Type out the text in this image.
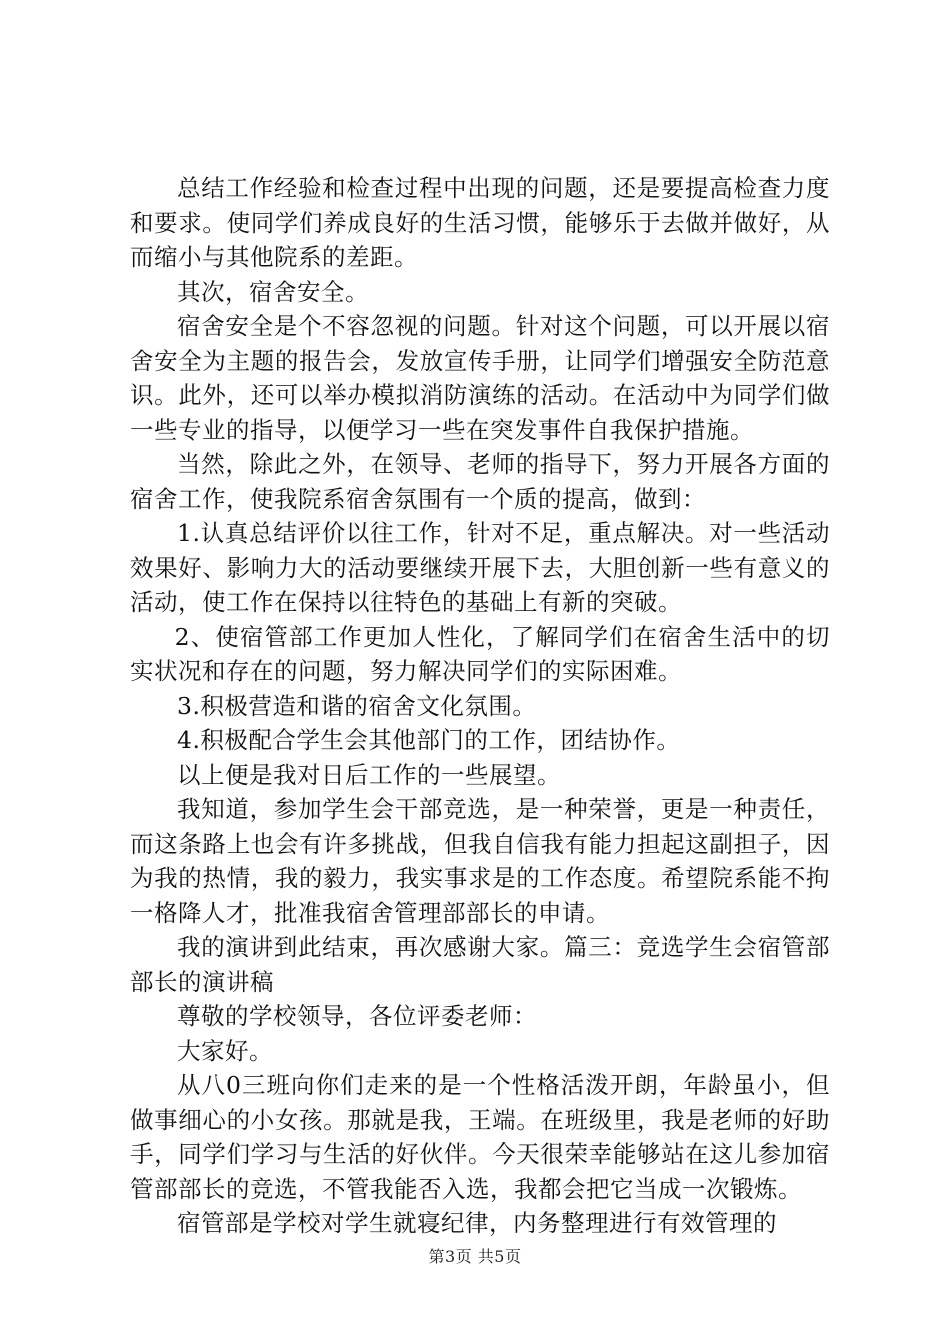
总结工作经验和检查过程中出现的问题，还是要提高检查力度和要求。使同学们养成良好的生活习惯，能够乐于去做并做好，从而缩小与其他院系的差距。

其次，宿舍安全。

宿舍安全是个不容忽视的问题。针对这个问题，可以开展以宿舍安全为主题的报告会，发放宣传手册，让同学们增强安全防范意识。此外，还可以举办模拟消防演练的活动。在活动中为同学们做一些专业的指导，以便学习一些在突发事件自我保护措施。

当然，除此之外，在领导、老师的指导下，努力开展各方面的宿舍工作，使我院系宿舍氛围有一个质的提高，做到：

1.认真总结评价以往工作，针对不足，重点解决。对一些活动效果好、影响力大的活动要继续开展下去，大胆创新一些有意义的活动，使工作在保持以往特色的基础上有新的突破。

2、使宿管部工作更加人性化，了解同学们在宿舍生活中的切实状况和存在的问题，努力解决同学们的实际困难。

3.积极营造和谐的宿舍文化氛围。

4.积极配合学生会其他部门的工作，团结协作。

以上便是我对日后工作的一些展望。

我知道，参加学生会干部竞选，是一种荣誉，更是一种责任，而这条路上也会有许多挑战，但我自信我有能力担起这副担子，因为我的热情，我的毅力，我实事求是的工作态度。希望院系能不拘一格降人才，批准我宿舍管理部部长的申请。

我的演讲到此结束，再次感谢大家。篇三：竞选学生会宿管部部长的演讲稿

尊敬的学校领导，各位评委老师：

大家好。

从八0三班向你们走来的是一个性格活泼开朗，年龄虽小，但做事细心的小女孩。那就是我，王端。在班级里，我是老师的好助手，同学们学习与生活的好伙伴。今天很荣幸能够站在这儿参加宿管部部长的竞选，不管我能否入选，我都会把它当成一次锻炼。

宿管部是学校对学生就寝纪律，内务整理进行有效管理的

第3页 共5页
